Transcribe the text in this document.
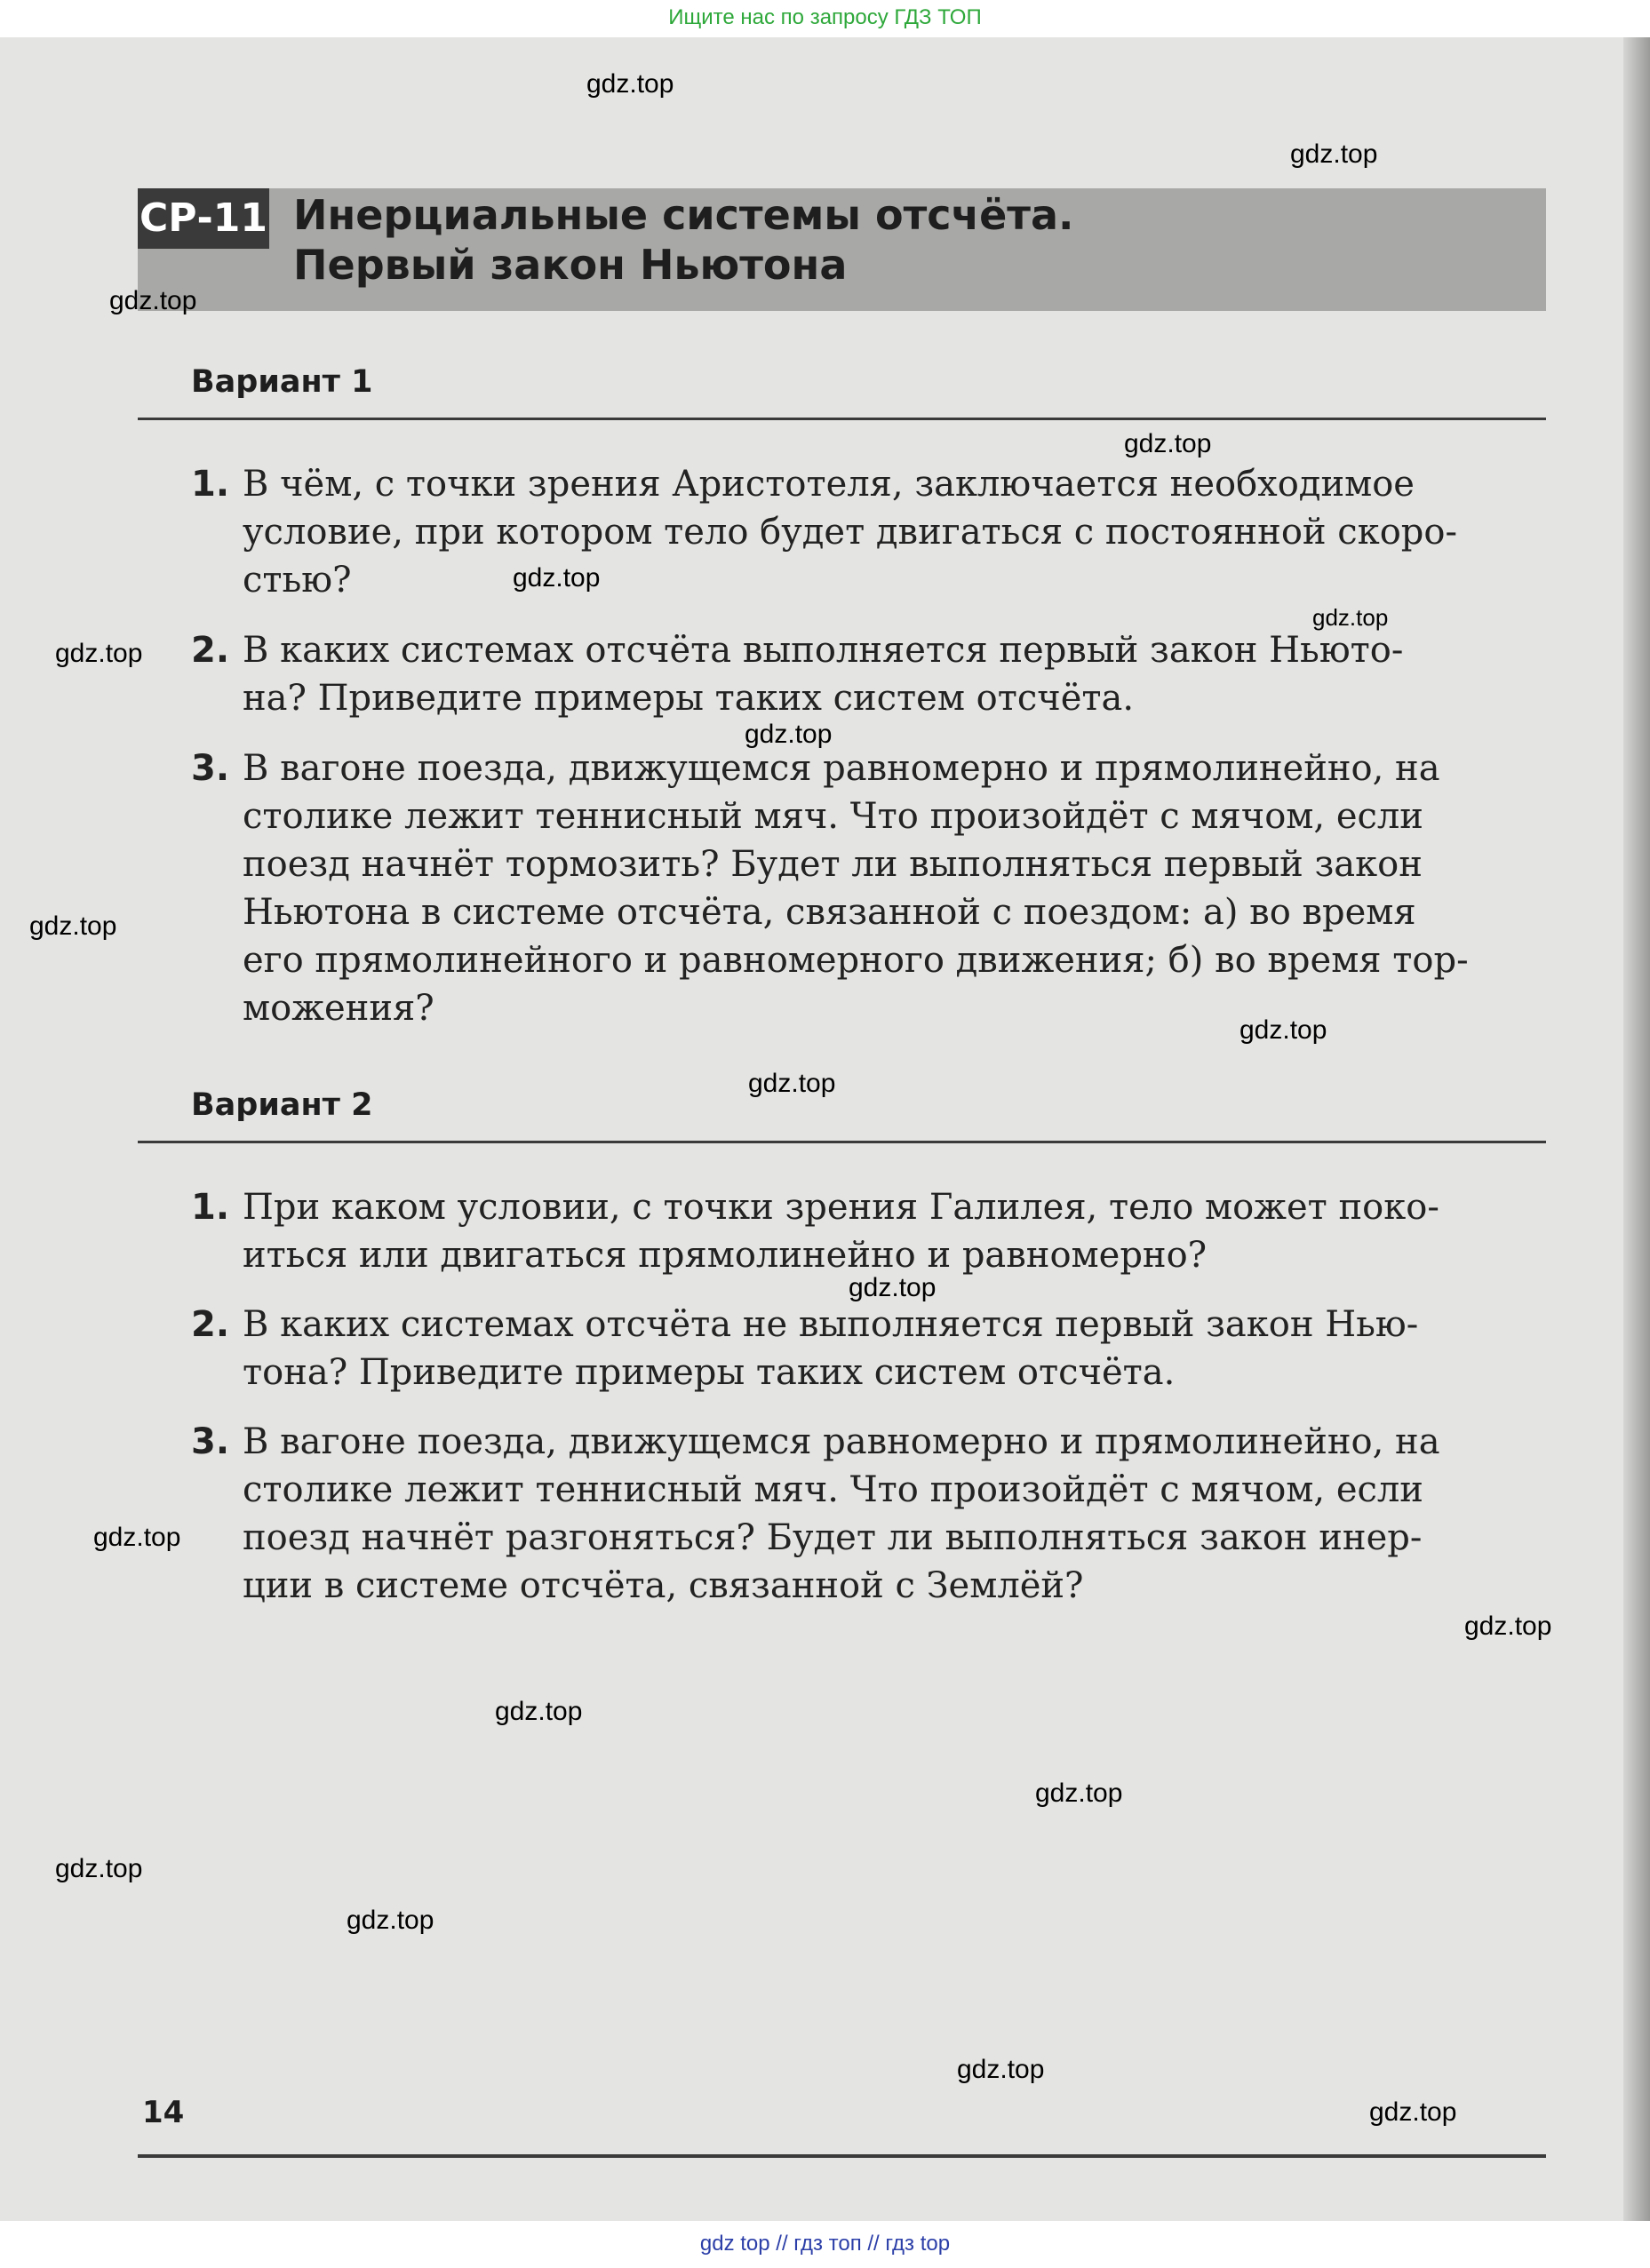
Ищите нас по запросу ГДЗ ТОП
СР-11 Инерциальные системы отсчёта.
Первый закон Ньютона
Вариант 1
1. В чём, с точки зрения Аристотеля, заключается необходимое
условие, при котором тело будет двигаться с постоянной скоро-
стью?
2. В каких системах отсчёта выполняется первый закон Ньюто-
на? Приведите примеры таких систем отсчёта.
3. В вагоне поезда, движущемся равномерно и прямолинейно, на
столике лежит теннисный мяч. Что произойдёт с мячом, если
поезд начнёт тормозить? Будет ли выполняться первый закон
Ньютона в системе отсчёта, связанной с поездом: а) во время
его прямолинейного и равномерного движения; б) во время тор-
можения?
Вариант 2
1. При каком условии, с точки зрения Галилея, тело может поко-
иться или двигаться прямолинейно и равномерно?
2. В каких системах отсчёта не выполняется первый закон Нью-
тона? Приведите примеры таких систем отсчёта.
3. В вагоне поезда, движущемся равномерно и прямолинейно, на
столике лежит теннисный мяч. Что произойдёт с мячом, если
поезд начнёт разгоняться? Будет ли выполняться закон инер-
ции в системе отсчёта, связанной с Землёй?
14
gdz.top
gdz.top
gdz.top
gdz.top
gdz.top
gdz.top
gdz.top
gdz.top
gdz.top
gdz.top
gdz.top
gdz.top
gdz.top
gdz.top
gdz.top
gdz.top
gdz.top
gdz.top
gdz.top
gdz.top
gdz top // гдз топ // гдз top
